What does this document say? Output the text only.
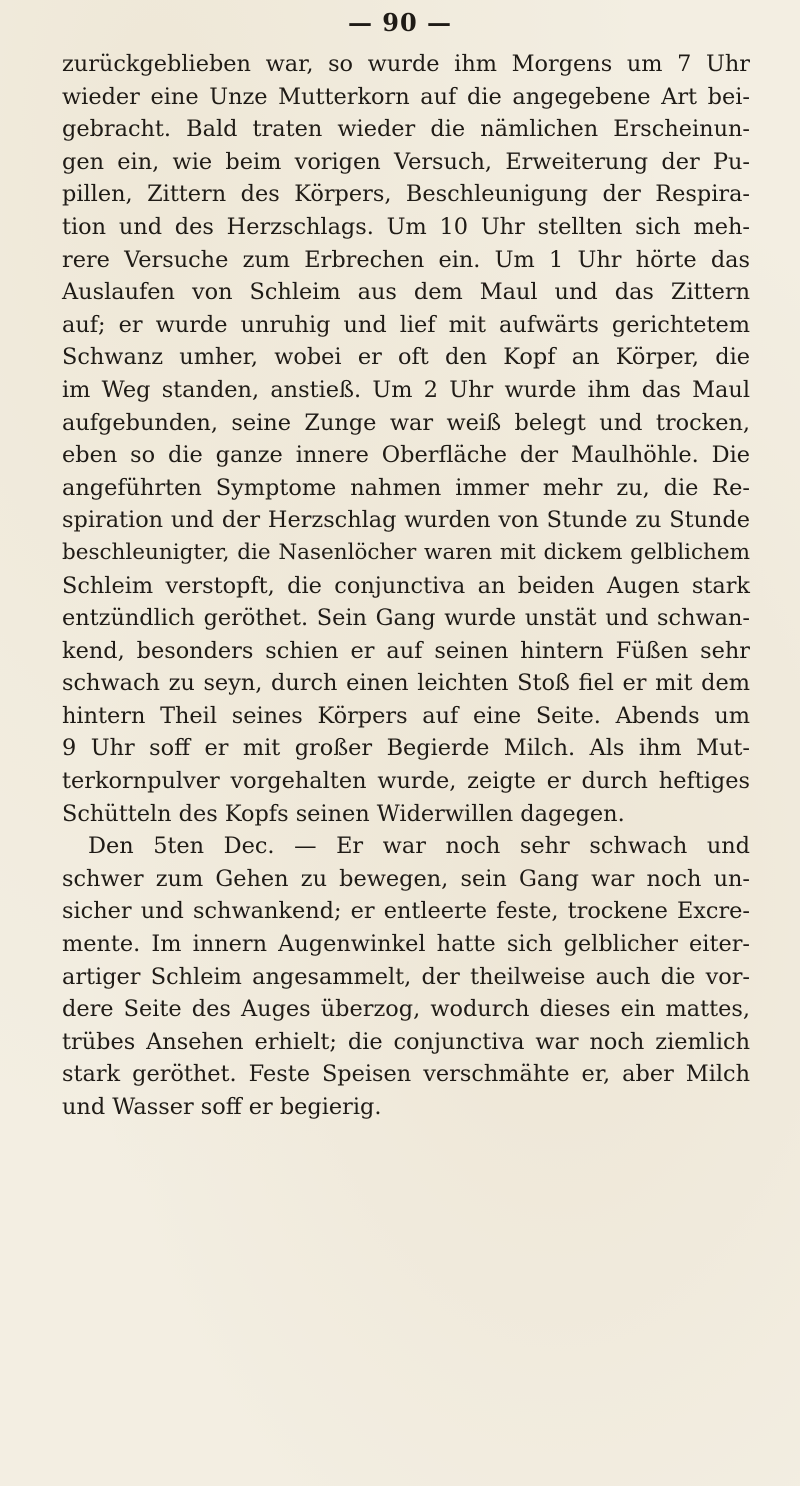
— 90 —
zurückgeblieben war, so wurde ihm Morgens um 7 Uhr
wieder eine Unze Mutterkorn auf die angegebene Art bei-
gebracht. Bald traten wieder die nämlichen Erscheinun-
gen ein, wie beim vorigen Versuch, Erweiterung der Pu-
pillen, Zittern des Körpers, Beschleunigung der Respira-
tion und des Herzschlags. Um 10 Uhr stellten sich meh-
rere Versuche zum Erbrechen ein. Um 1 Uhr hörte das
Auslaufen von Schleim aus dem Maul und das Zittern
auf; er wurde unruhig und lief mit aufwärts gerichtetem
Schwanz umher, wobei er oft den Kopf an Körper, die
im Weg standen, anstieß. Um 2 Uhr wurde ihm das Maul
aufgebunden, seine Zunge war weiß belegt und trocken,
eben so die ganze innere Oberfläche der Maulhöhle. Die
angeführten Symptome nahmen immer mehr zu, die Re-
spiration und der Herzschlag wurden von Stunde zu Stunde
beschleunigter, die Nasenlöcher waren mit dickem gelblichem
Schleim verstopft, die conjunctiva an beiden Augen stark
entzündlich geröthet. Sein Gang wurde unstät und schwan-
kend, besonders schien er auf seinen hintern Füßen sehr
schwach zu seyn, durch einen leichten Stoß fiel er mit dem
hintern Theil seines Körpers auf eine Seite. Abends um
9 Uhr soff er mit großer Begierde Milch. Als ihm Mut-
terkornpulver vorgehalten wurde, zeigte er durch heftiges
Schütteln des Kopfs seinen Widerwillen dagegen.
Den 5ten Dec. — Er war noch sehr schwach und
schwer zum Gehen zu bewegen, sein Gang war noch un-
sicher und schwankend; er entleerte feste, trockene Excre-
mente. Im innern Augenwinkel hatte sich gelblicher eiter-
artiger Schleim angesammelt, der theilweise auch die vor-
dere Seite des Auges überzog, wodurch dieses ein mattes,
trübes Ansehen erhielt; die conjunctiva war noch ziemlich
stark geröthet. Feste Speisen verschmähte er, aber Milch
und Wasser soff er begierig.
